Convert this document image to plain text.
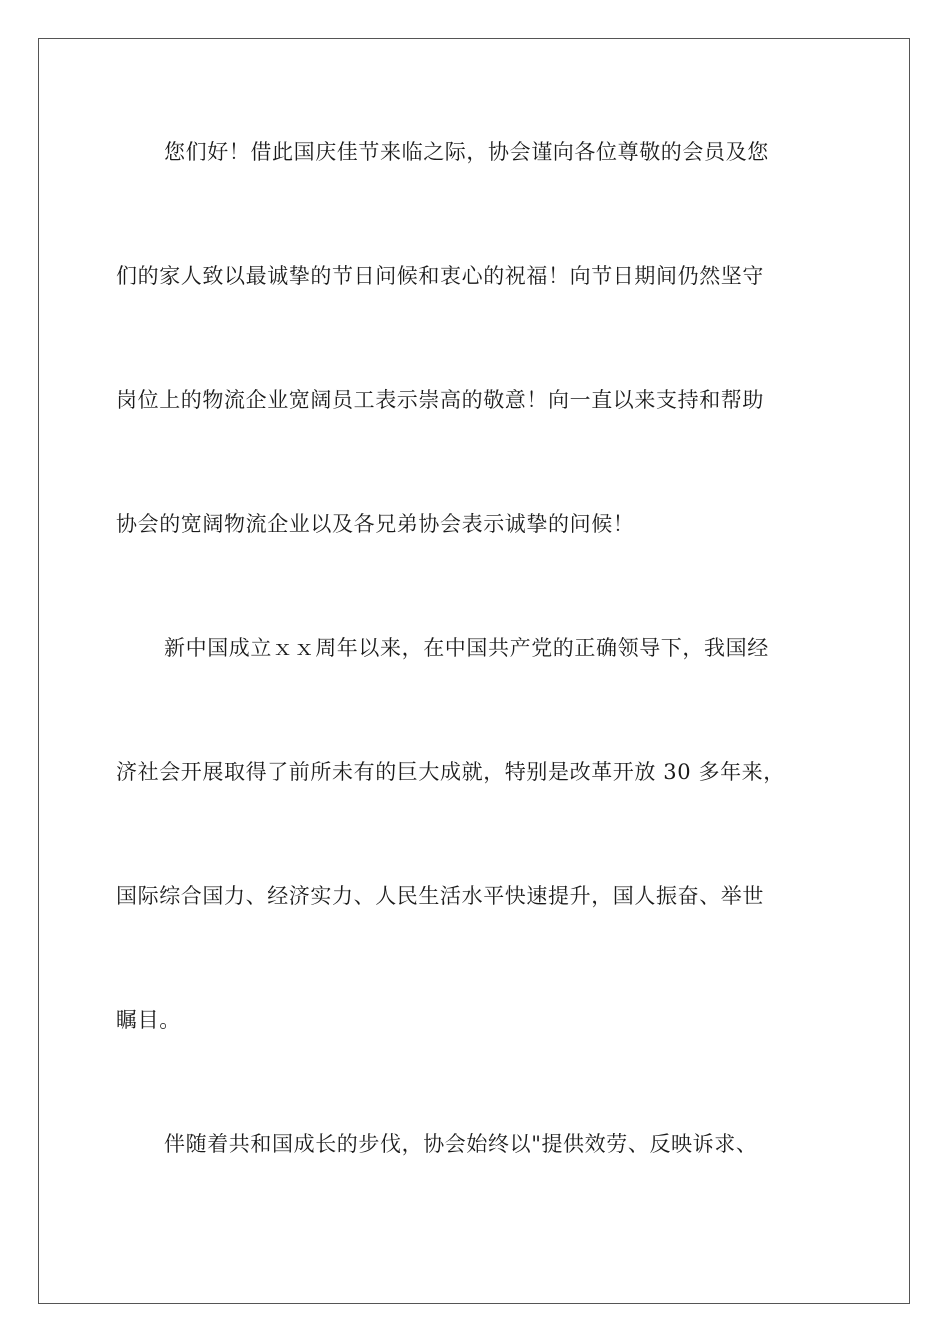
您们好！借此国庆佳节来临之际，协会谨向各位尊敬的会员及您
们的家人致以最诚挚的节日问候和衷心的祝福！向节日期间仍然坚守
岗位上的物流企业宽阔员工表示崇高的敬意！向一直以来支持和帮助
协会的宽阔物流企业以及各兄弟协会表示诚挚的问候！
新中国成立ｘｘ周年以来，在中国共产党的正确领导下，我国经
济社会开展取得了前所未有的巨大成就，特别是改革开放 30 多年来，
国际综合国力、经济实力、人民生活水平快速提升，国人振奋、举世
瞩目。
伴随着共和国成长的步伐，协会始终以"提供效劳、反映诉求、
